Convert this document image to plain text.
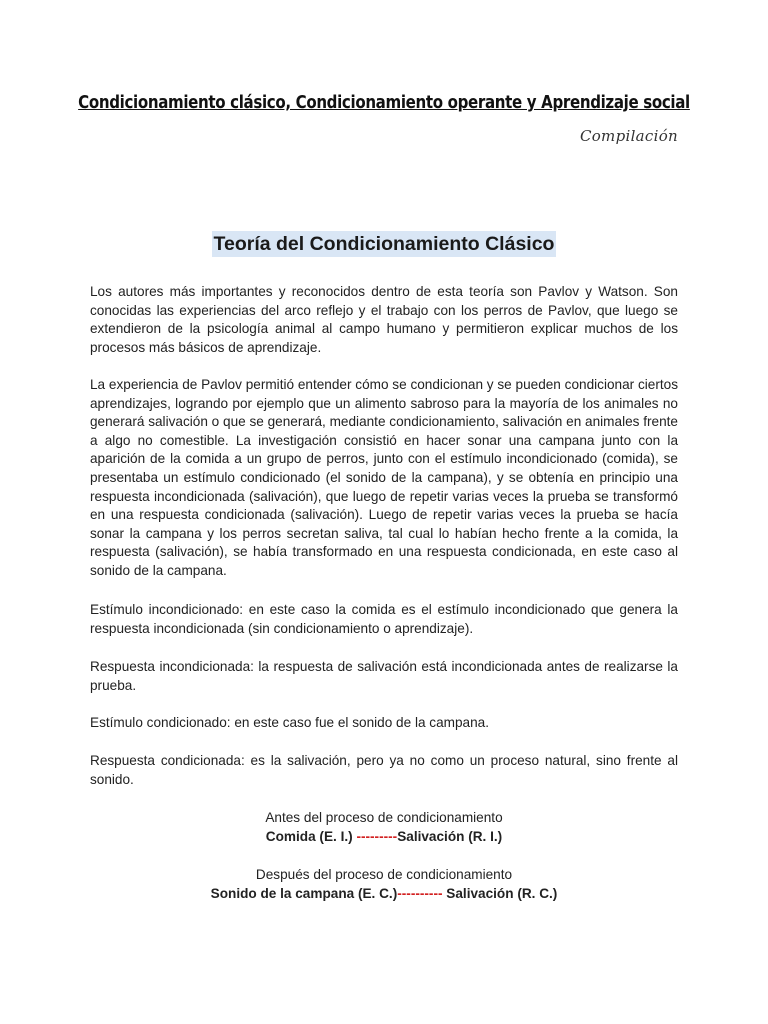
Condicionamiento clásico, Condicionamiento operante y Aprendizaje social
Compilación
Teoría del Condicionamiento Clásico

Los autores más importantes y reconocidos dentro de esta teoría son Pavlov y Watson. Son conocidas las experiencias del arco reflejo y el trabajo con los perros de Pavlov, que luego se extendieron de la psicología animal al campo humano y permitieron explicar muchos de los procesos más básicos de aprendizaje.

La experiencia de Pavlov permitió entender cómo se condicionan y se pueden condicionar ciertos aprendizajes, logrando por ejemplo que un alimento sabroso para la mayoría de los animales no generará salivación o que se generará, mediante condicionamiento, salivación en animales frente a algo no comestible. La investigación consistió en hacer sonar una campana junto con la aparición de la comida a un grupo de perros, junto con el estímulo incondicionado (comida), se presentaba un estímulo condicionado (el sonido de la campana), y se obtenía en principio una respuesta incondicionada (salivación), que luego de repetir varias veces la prueba se transformó en una respuesta condicionada (salivación). Luego de repetir varias veces la prueba se hacía sonar la campana y los perros secretan saliva, tal cual lo habían hecho frente a la comida, la respuesta (salivación), se había transformado en una respuesta condicionada, en este caso al sonido de la campana.

Estímulo incondicionado: en este caso la comida es el estímulo incondicionado que genera la respuesta incondicionada (sin condicionamiento o aprendizaje).

Respuesta incondicionada: la respuesta de salivación está incondicionada antes de realizarse la prueba.

Estímulo condicionado: en este caso fue el sonido de la campana.

Respuesta condicionada: es la salivación, pero ya no como un proceso natural, sino frente al sonido.

Antes del proceso de condicionamiento
Comida (E. I.) ---------Salivación (R. I.)
Después del proceso de condicionamiento
Sonido de la campana (E. C.)---------- Salivación (R. C.)
